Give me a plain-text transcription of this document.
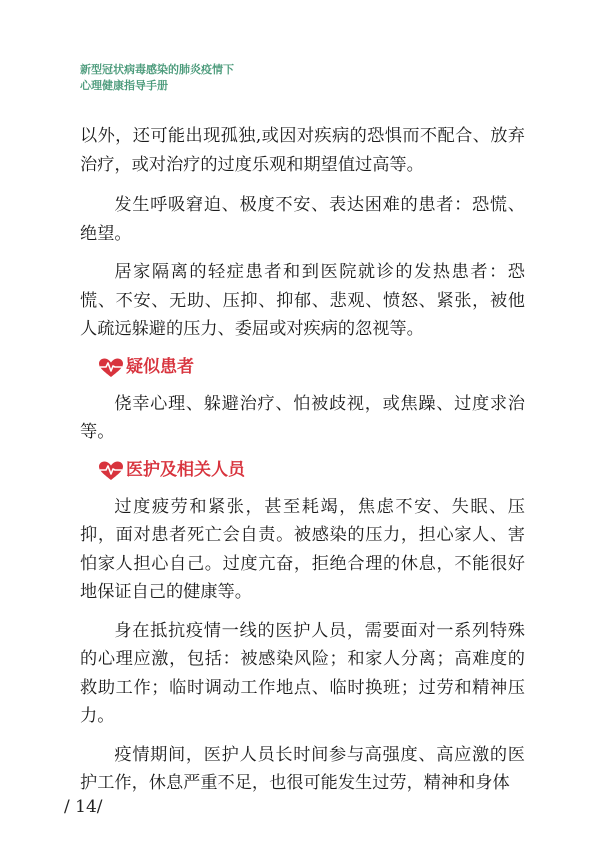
新型冠状病毒感染的肺炎疫情下
心理健康指导手册

以外，还可能出现孤独,或因对疾病的恐惧而不配合、放弃治疗，或对治疗的过度乐观和期望值过高等。

发生呼吸窘迫、极度不安、表达困难的患者：恐慌、绝望。

居家隔离的轻症患者和到医院就诊的发热患者：恐慌、不安、无助、压抑、抑郁、悲观、愤怒、紧张，被他人疏远躲避的压力、委屈或对疾病的忽视等。

疑似患者

侥幸心理、躲避治疗、怕被歧视，或焦躁、过度求治等。

医护及相关人员

过度疲劳和紧张，甚至耗竭，焦虑不安、失眠、压抑，面对患者死亡会自责。被感染的压力，担心家人、害怕家人担心自己。过度亢奋，拒绝合理的休息，不能很好地保证自己的健康等。

身在抵抗疫情一线的医护人员，需要面对一系列特殊的心理应激，包括：被感染风险；和家人分离；高难度的救助工作；临时调动工作地点、临时换班；过劳和精神压力。

疫情期间，医护人员长时间参与高强度、高应激的医护工作，休息严重不足，也很可能发生过劳，精神和身体

/ 14/
